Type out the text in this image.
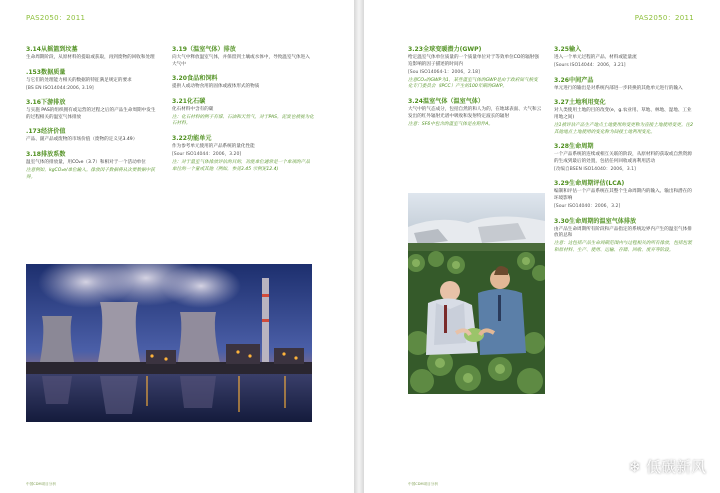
PAS2050：2011
3.14从摇篮到坟墓
生命周期阶段，从原材料的提取或获取，再到废物的回收和处理
.153数据质量
与它们的处理能力相关的数据的特征满足规定的要求
[BS EN ISO14044:2006, 3.19]
3.16下游排放
与实施 PAS的组织拥有或运营的过程之后的产品生命周期中发生的过程相关的温室气体排放
.173经济价值
产品、副产品或废物的市场价值（废物的定义见3.49）
3.18排放系数
温室气体的排放量，用CO₂e（3.7）和相对于一个活动单位
注意例如，kgCO₂e/单位输入。排放因子数据将从次要数据中获得。
3.19（温室气体）排放
向大气中释放温室气体，并保留到土壤或水体中，导致温室气体进入大气中
3.20食品和饲料
提供人或动物食用的固体或液体形式的物质
3.21化石碳
化石材料中含有的碳
注：化石材料的例子有煤、石油和天然气，对于PAS，泥炭也被视为化石材料。
3.22功能单元
作为参考单元使用的产品系统的量化性能
[Sour ISO14044：2006，3.20]
注：对于温室气体排放评估的目的，功能单位通常是一个单项的产品单位的一个量或其他（例如，参见3.45 示例见12.4)
中国CDM项目分析
PAS2050：2011
3.23全球变暖潜力(GWP)
给定温室气体单位质量的一个质量单位对于等效单位CO的辐射强迫影响的因子描述的时间内
[Sou ISO14064-1：2006，2.18]
注意CO₂的GWP为1，某些温室气体的GWP是由于政府间气候变化专门委员会（IPCC）产生的100年期的GWP。
3.24温室气体（温室气体）
大气中的气态成分，包括自然的和人为的，在地球表面、大气和云发出的红外辐射光谱中吸收和发射特定波长的辐射
注意：SF6中包含的温室气体是在附件A。
3.25输入
进入一个单元过程的产品、材料或能量流
[Sours ISO14044：2006，3.21]
3.26中间产品
单元进行的输出是对系统内部进一步转换的其他单元进行的输入
3.27土地利用变化
对人类使用土地的目的改变(e，g.农业用、草地、林地、湿地、工业用地之间)
注1被评估产品生产地点土地使用的变更称为直接土地使用变更。注2其他地点土地使用的变化称为间接土地利用变化。
3.28生命周期
一个产品系统的连续或相互关联的阶段，从原材料的获取或自然资源的生成到最后的处置，包括任何回收或再利用活动
[改编自BSEN ISO14040：2006，3.1]
3.29生命周期评估(LCA)
编制和评估一个产品系统在其整个生命周期内的输入、输出和潜在的环境影响
[Sour ISO14040：2006，3.2]
3.30生命周期的温室气体排放
由产品生命周期所有阶段和产品指定的系统边界内产生的温室气体排放的总和
注意：这包括产品生命周期范围内与过程相关的所有排放，包括包装和原材料、生产、使用、运输、存储、回收、废弃等阶段。
中国CDM项目分析
❄ 低碳新风
